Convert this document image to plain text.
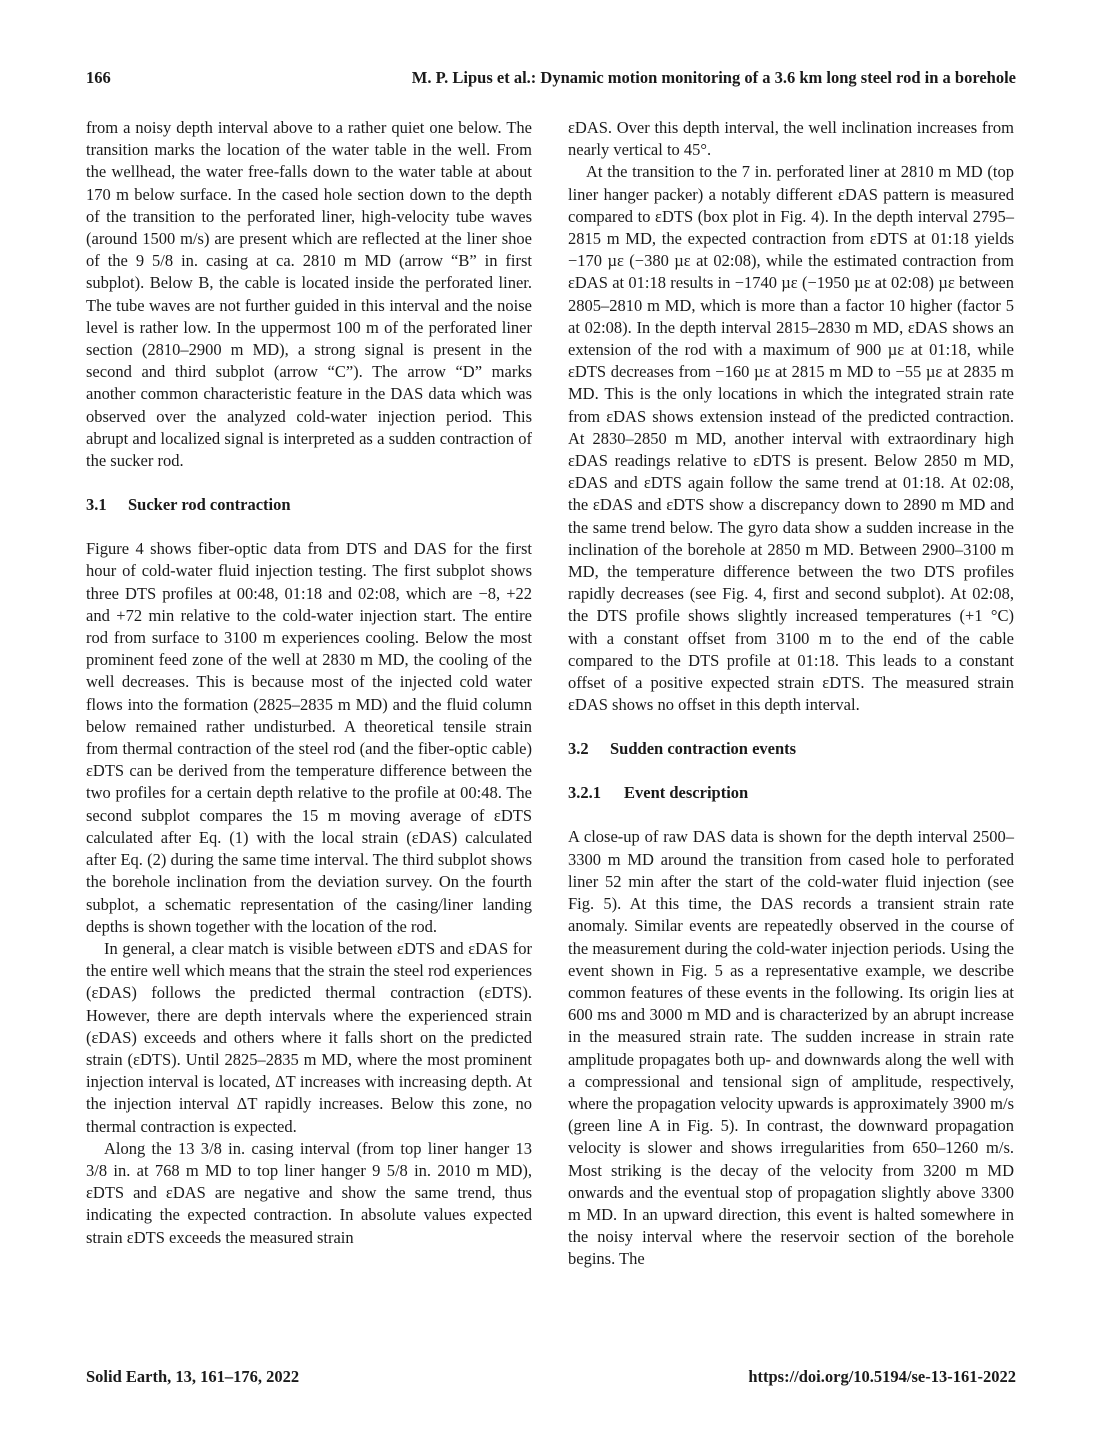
166	M. P. Lipus et al.: Dynamic motion monitoring of a 3.6 km long steel rod in a borehole

from a noisy depth interval above to a rather quiet one below. The transition marks the location of the water table in the well. From the wellhead, the water free-falls down to the water table at about 170 m below surface. In the cased hole section down to the depth of the transition to the perforated liner, high-velocity tube waves (around 1500 m/s) are present which are reflected at the liner shoe of the 9 5/8 in. casing at ca. 2810 m MD (arrow “B” in first subplot). Below B, the cable is located inside the perforated liner. The tube waves are not further guided in this interval and the noise level is rather low. In the uppermost 100 m of the perforated liner section (2810–2900 m MD), a strong signal is present in the second and third subplot (arrow “C”). The arrow “D” marks another common characteristic feature in the DAS data which was observed over the analyzed cold-water injection period. This abrupt and localized signal is interpreted as a sudden contraction of the sucker rod.

3.1 Sucker rod contraction

Figure 4 shows fiber-optic data from DTS and DAS for the first hour of cold-water fluid injection testing. The first subplot shows three DTS profiles at 00:48, 01:18 and 02:08, which are −8, +22 and +72 min relative to the cold-water injection start. The entire rod from surface to 3100 m experiences cooling. Below the most prominent feed zone of the well at 2830 m MD, the cooling of the well decreases. This is because most of the injected cold water flows into the formation (2825–2835 m MD) and the fluid column below remained rather undisturbed. A theoretical tensile strain from thermal contraction of the steel rod (and the fiber-optic cable) εDTS can be derived from the temperature difference between the two profiles for a certain depth relative to the profile at 00:48. The second subplot compares the 15 m moving average of εDTS calculated after Eq. (1) with the local strain (εDAS) calculated after Eq. (2) during the same time interval. The third subplot shows the borehole inclination from the deviation survey. On the fourth subplot, a schematic representation of the casing/liner landing depths is shown together with the location of the rod.

In general, a clear match is visible between εDTS and εDAS for the entire well which means that the strain the steel rod experiences (εDAS) follows the predicted thermal contraction (εDTS). However, there are depth intervals where the experienced strain (εDAS) exceeds and others where it falls short on the predicted strain (εDTS). Until 2825–2835 m MD, where the most prominent injection interval is located, ΔT increases with increasing depth. At the injection interval ΔT rapidly increases. Below this zone, no thermal contraction is expected.

Along the 13 3/8 in. casing interval (from top liner hanger 13 3/8 in. at 768 m MD to top liner hanger 9 5/8 in. 2010 m MD), εDTS and εDAS are negative and show the same trend, thus indicating the expected contraction. In absolute values expected strain εDTS exceeds the measured strain

εDAS. Over this depth interval, the well inclination increases from nearly vertical to 45°.

At the transition to the 7 in. perforated liner at 2810 m MD (top liner hanger packer) a notably different εDAS pattern is measured compared to εDTS (box plot in Fig. 4). In the depth interval 2795–2815 m MD, the expected contraction from εDTS at 01:18 yields −170 µε (−380 µε at 02:08), while the estimated contraction from εDAS at 01:18 results in −1740 µε (−1950 µε at 02:08) µε between 2805–2810 m MD, which is more than a factor 10 higher (factor 5 at 02:08). In the depth interval 2815–2830 m MD, εDAS shows an extension of the rod with a maximum of 900 µε at 01:18, while εDTS decreases from −160 µε at 2815 m MD to −55 µε at 2835 m MD. This is the only locations in which the integrated strain rate from εDAS shows extension instead of the predicted contraction. At 2830–2850 m MD, another interval with extraordinary high εDAS readings relative to εDTS is present. Below 2850 m MD, εDAS and εDTS again follow the same trend at 01:18. At 02:08, the εDAS and εDTS show a discrepancy down to 2890 m MD and the same trend below. The gyro data show a sudden increase in the inclination of the borehole at 2850 m MD. Between 2900–3100 m MD, the temperature difference between the two DTS profiles rapidly decreases (see Fig. 4, first and second subplot). At 02:08, the DTS profile shows slightly increased temperatures (+1 °C) with a constant offset from 3100 m to the end of the cable compared to the DTS profile at 01:18. This leads to a constant offset of a positive expected strain εDTS. The measured strain εDAS shows no offset in this depth interval.

3.2 Sudden contraction events
3.2.1 Event description

A close-up of raw DAS data is shown for the depth interval 2500–3300 m MD around the transition from cased hole to perforated liner 52 min after the start of the cold-water fluid injection (see Fig. 5). At this time, the DAS records a transient strain rate anomaly. Similar events are repeatedly observed in the course of the measurement during the cold-water injection periods. Using the event shown in Fig. 5 as a representative example, we describe common features of these events in the following. Its origin lies at 600 ms and 3000 m MD and is characterized by an abrupt increase in the measured strain rate. The sudden increase in strain rate amplitude propagates both up- and downwards along the well with a compressional and tensional sign of amplitude, respectively, where the propagation velocity upwards is approximately 3900 m/s (green line A in Fig. 5). In contrast, the downward propagation velocity is slower and shows irregularities from 650–1260 m/s. Most striking is the decay of the velocity from 3200 m MD onwards and the eventual stop of propagation slightly above 3300 m MD. In an upward direction, this event is halted somewhere in the noisy interval where the reservoir section of the borehole begins. The

Solid Earth, 13, 161–176, 2022	https://doi.org/10.5194/se-13-161-2022
